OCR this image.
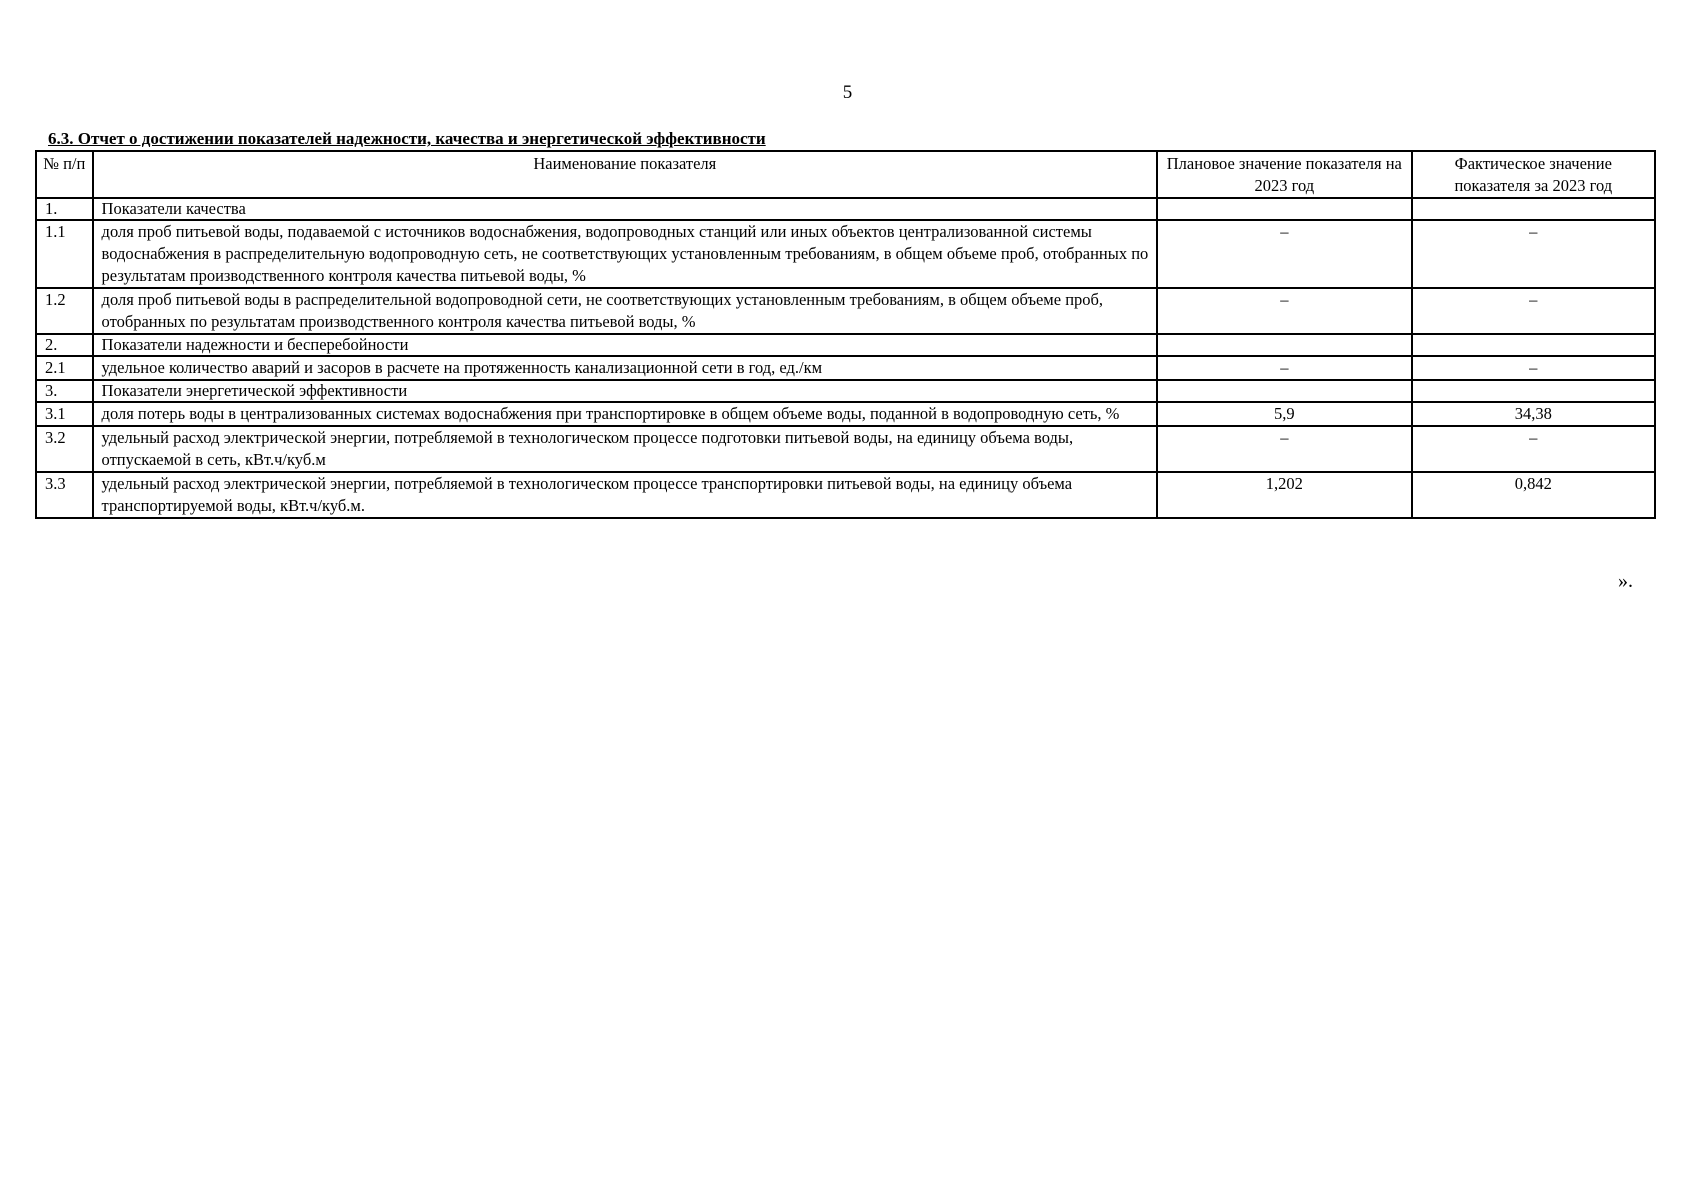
5
6.3. Отчет о достижении показателей надежности, качества и энергетической эффективности
№ п/п	Наименование показателя	Плановое значение показателя на 2023 год	Фактическое значение показателя за 2023 год
1.	Показатели качества		
1.1	доля проб питьевой воды, подаваемой с источников водоснабжения, водопроводных станций или иных объектов централизованной системы водоснабжения в распределительную водопроводную сеть, не соответствующих установленным требованиям, в общем объеме проб, отобранных по результатам производственного контроля качества питьевой воды, %	–	–
1.2	доля проб питьевой воды в распределительной водопроводной сети, не соответствующих установленным требованиям, в общем объеме проб, отобранных по результатам производственного контроля качества питьевой воды, %	–	–
2.	Показатели надежности и бесперебойности		
2.1	удельное количество аварий и засоров в расчете на протяженность канализационной сети в год, ед./км	–	–
3.	Показатели энергетической эффективности		
3.1	доля потерь воды в централизованных системах водоснабжения при транспортировке в общем объеме воды, поданной в водопроводную сеть, %	5,9	34,38
3.2	удельный расход электрической энергии, потребляемой в технологическом процессе подготовки питьевой воды, на единицу объема воды, отпускаемой в сеть, кВт.ч/куб.м	–	–
3.3	удельный расход электрической энергии, потребляемой в технологическом процессе транспортировки питьевой воды, на единицу объема транспортируемой воды, кВт.ч/куб.м.	1,202	0,842
».
